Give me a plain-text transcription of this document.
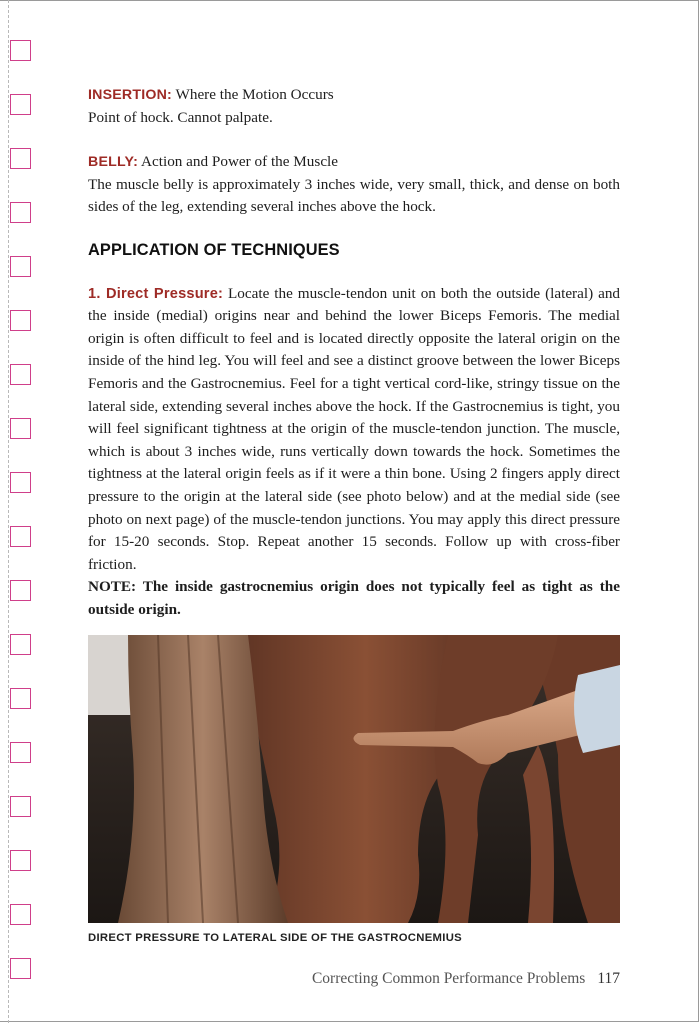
INSERTION: Where the Motion Occurs

Point of hock. Cannot palpate.

BELLY: Action and Power of the Muscle

The muscle belly is approximately 3 inches wide, very small, thick, and dense on both sides of the leg, extending several inches above the hock.

APPLICATION OF TECHNIQUES

1. Direct Pressure: Locate the muscle-tendon unit on both the outside (lateral) and the inside (medial) origins near and behind the lower Biceps Femoris. The medial origin is often difficult to feel and is located directly opposite the lateral origin on the inside of the hind leg. You will feel and see a distinct groove between the lower Biceps Femoris and the Gastrocnemius. Feel for a tight vertical cord-like, stringy tissue on the lateral side, extending several inches above the hock. If the Gastrocnemius is tight, you will feel significant tightness at the origin of the muscle-tendon junction. The muscle, which is about 3 inches wide, runs vertically down towards the hock. Sometimes the tightness at the lateral origin feels as if it were a thin bone. Using 2 fingers apply direct pressure to the origin at the lateral side (see photo below) and at the medial side (see photo on next page) of the muscle-tendon junctions. You may apply this direct pressure for 15-20 seconds. Stop. Repeat another 15 seconds. Follow up with cross-fiber friction.

NOTE: The inside gastrocnemius origin does not typically feel as tight as the outside origin.

DIRECT PRESSURE TO LATERAL SIDE OF THE GASTROCNEMIUS
Correcting Common Performance Problems 117
